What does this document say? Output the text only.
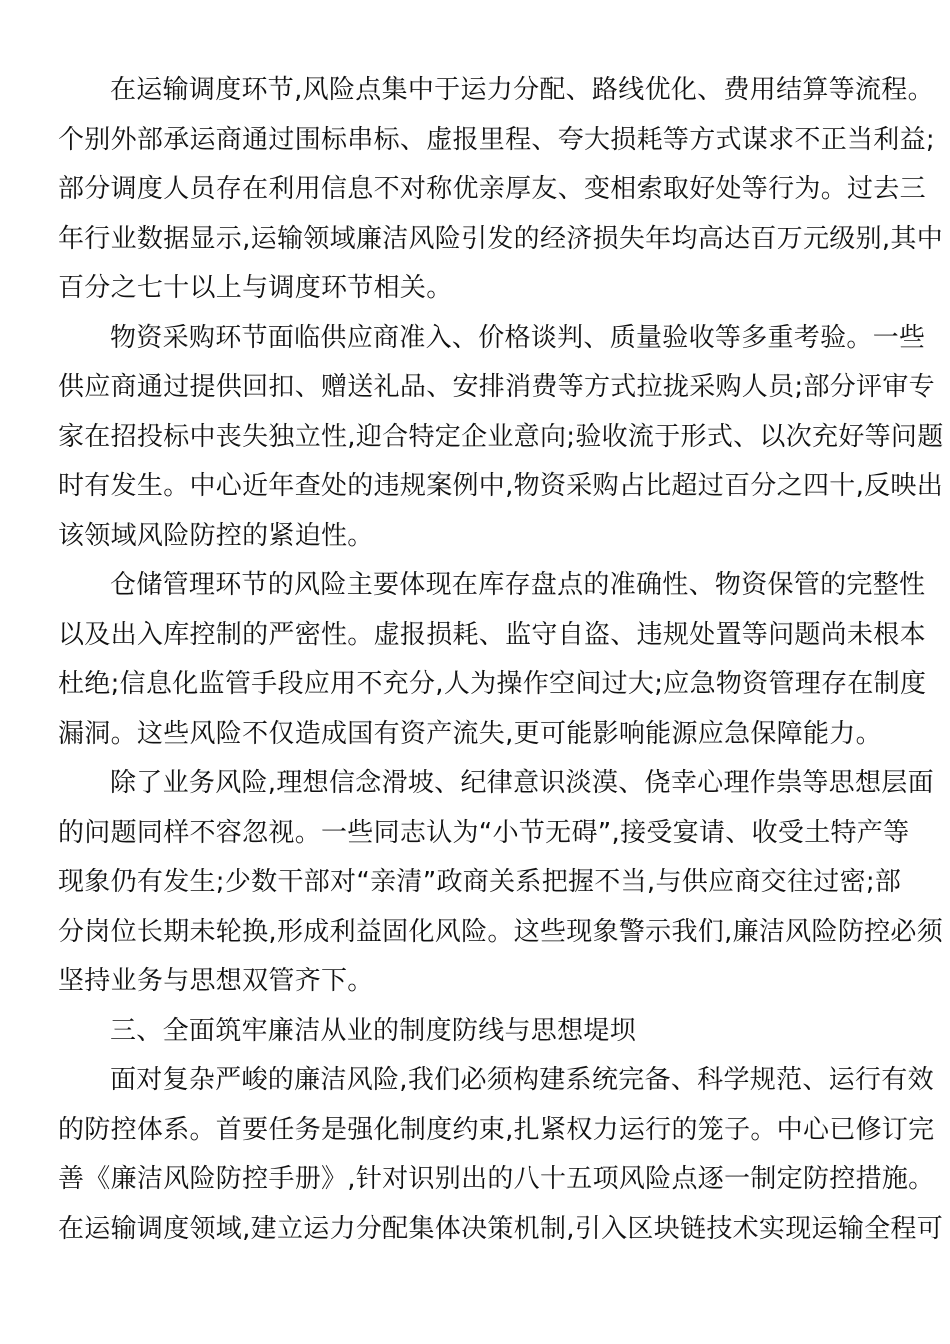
在运输调度环节,风险点集中于运力分配、路线优化、费用结算等流程。
个别外部承运商通过围标串标、虚报里程、夸大损耗等方式谋求不正当利益;
部分调度人员存在利用信息不对称优亲厚友、变相索取好处等行为。过去三
年行业数据显示,运输领域廉洁风险引发的经济损失年均高达百万元级别,其中
百分之七十以上与调度环节相关。
物资采购环节面临供应商准入、价格谈判、质量验收等多重考验。一些
供应商通过提供回扣、赠送礼品、安排消费等方式拉拢采购人员;部分评审专
家在招投标中丧失独立性,迎合特定企业意向;验收流于形式、以次充好等问题
时有发生。中心近年查处的违规案例中,物资采购占比超过百分之四十,反映出
该领域风险防控的紧迫性。
仓储管理环节的风险主要体现在库存盘点的准确性、物资保管的完整性
以及出入库控制的严密性。虚报损耗、监守自盗、违规处置等问题尚未根本
杜绝;信息化监管手段应用不充分,人为操作空间过大;应急物资管理存在制度
漏洞。这些风险不仅造成国有资产流失,更可能影响能源应急保障能力。
除了业务风险,理想信念滑坡、纪律意识淡漠、侥幸心理作祟等思想层面
的问题同样不容忽视。一些同志认为“小节无碍”,接受宴请、收受土特产等
现象仍有发生;少数干部对“亲清”政商关系把握不当,与供应商交往过密;部
分岗位长期未轮换,形成利益固化风险。这些现象警示我们,廉洁风险防控必须
坚持业务与思想双管齐下。
三、全面筑牢廉洁从业的制度防线与思想堤坝
面对复杂严峻的廉洁风险,我们必须构建系统完备、科学规范、运行有效
的防控体系。首要任务是强化制度约束,扎紧权力运行的笼子。中心已修订完
善《廉洁风险防控手册》,针对识别出的八十五项风险点逐一制定防控措施。
在运输调度领域,建立运力分配集体决策机制,引入区块链技术实现运输全程可
